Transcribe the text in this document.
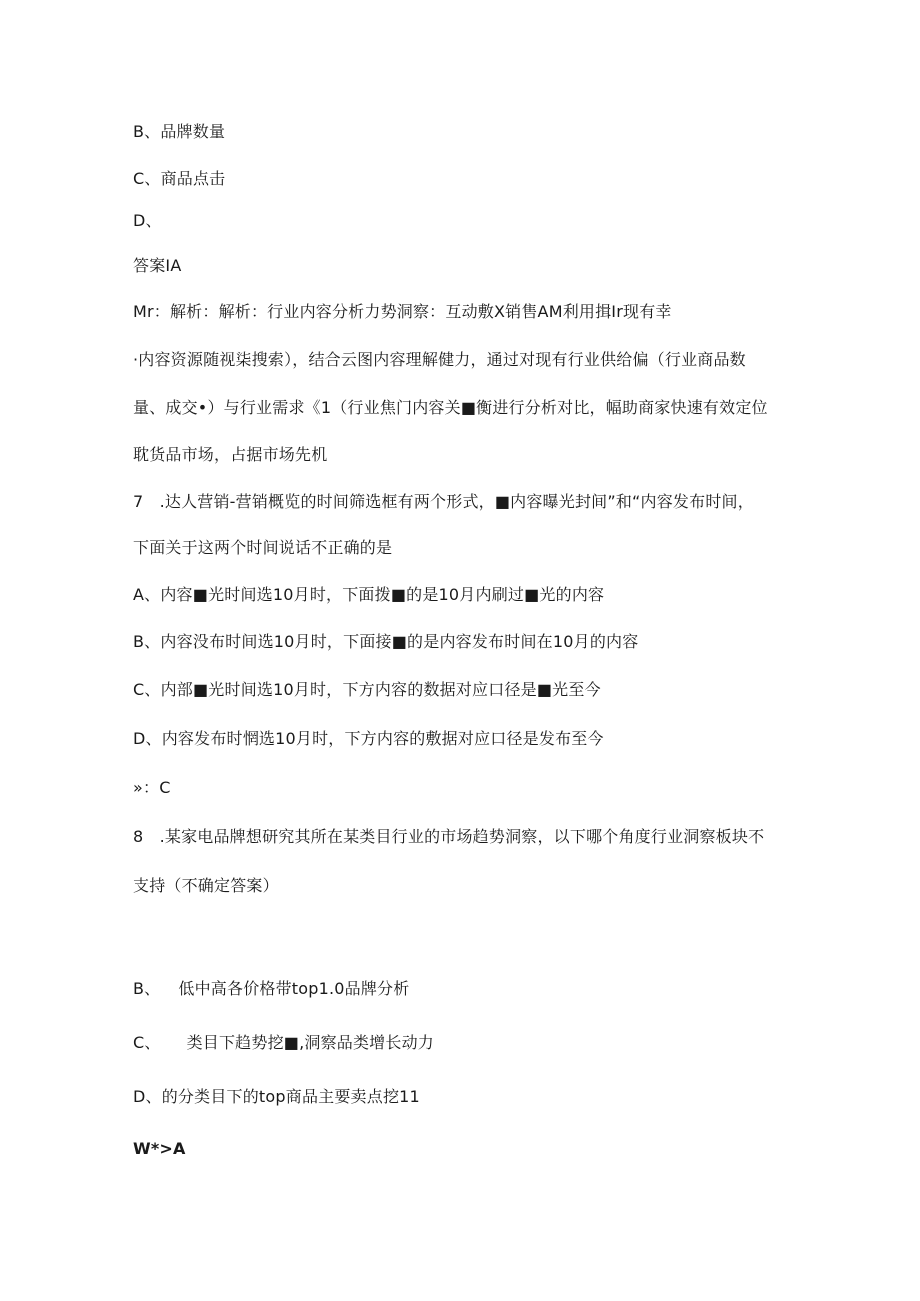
B、品牌数量
C、商品点击
D、
答案IA
Mr：解析：解析：行业内容分析力势洞察：互动敷X销售AM利用揖Ir现有幸
·内容资源随视柒搜索），结合云图内容理解健力，通过对现有行业供给偏（行业商品数
量、成交•）与行业需求《1（行业焦门内容关■衡进行分析对比，幅助商家快速有效定位
耽货品市场，占据市场先机
7　.达人营销-营销概览的时间筛选框有两个形式，■内容曝光封间”和“内容发布时间，
下面关于这两个时间说话不正确的是
A、内容■光时间选10月时，下面拨■的是10月内刷过■光的内容
B、内容没布时间选10月时，下面接■的是内容发布时间在10月的内容
C、内部■光时间选10月时，下方内容的数据对应口径是■光至今
D、内容发布时惘选10月时，下方内容的敷据对应口径是发布至今
»：C
8　.某家电品牌想研究其所在某类目行业的市场趋势洞察，以下哪个角度行业洞察板块不
支持（不确定答案）
B、 低中高各价格带top1.0品牌分析
C、 类目下趋势挖■,洞察品类增长动力
D、的分类目下的top商品主要卖点挖11
W*>A
